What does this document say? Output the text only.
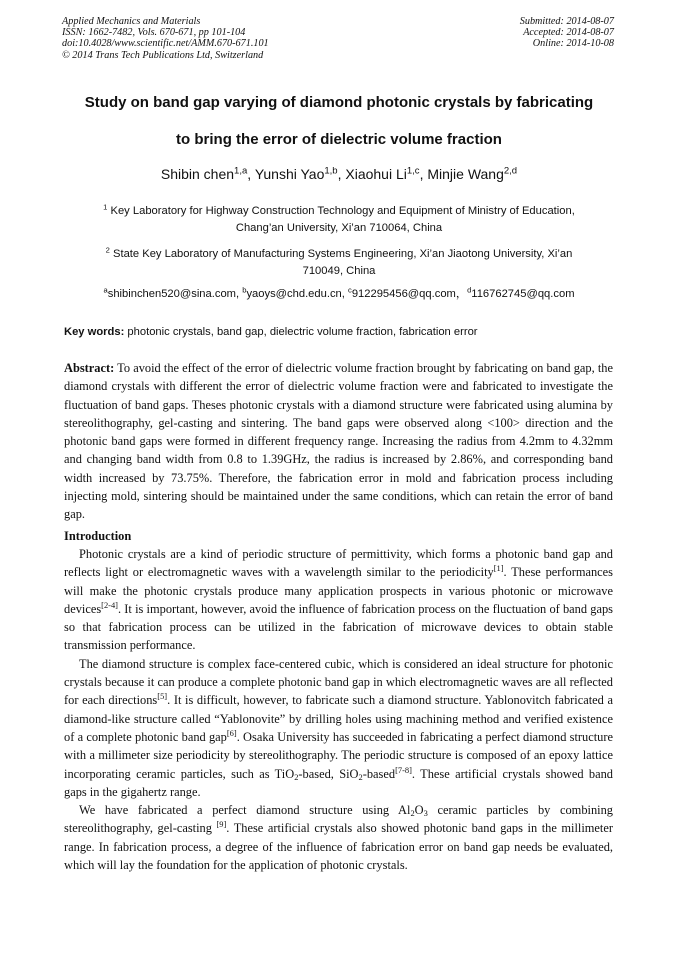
Applied Mechanics and Materials
ISSN: 1662-7482, Vols. 670-671, pp 101-104
doi:10.4028/www.scientific.net/AMM.670-671.101
© 2014 Trans Tech Publications Ltd, Switzerland
Submitted: 2014-08-07
Accepted: 2014-08-07
Online: 2014-10-08
Study on band gap varying of diamond photonic crystals by fabricating
to bring the error of dielectric volume fraction
Shibin chen$^{1,a}$, Yunshi Yao$^{1,b}$, Xiaohui Li$^{1,c}$, Minjie Wang$^{2,d}$
$^1$ Key Laboratory for Highway Construction Technology and Equipment of Ministry of Education,
Chang’an University, Xi’an 710064, China
$^2$ State Key Laboratory of Manufacturing Systems Engineering, Xi’an Jiaotong University, Xi’an
710049, China
$^a$shibinchen520@sina.com, $^b$yaoys@chd.edu.cn, $^c$912295456@qq.com，$^d$116762745@qq.com
Key words: photonic crystals, band gap, dielectric volume fraction, fabrication error
Abstract: To avoid the effect of the error of dielectric volume fraction brought by fabricating on band gap, the diamond crystals with different the error of dielectric volume fraction were and fabricated to investigate the fluctuation of band gaps. Theses photonic crystals with a diamond structure were fabricated using alumina by stereolithography, gel-casting and sintering. The band gaps were observed along <100> direction and the photonic band gaps were formed in different frequency range. Increasing the radius from 4.2mm to 4.32mm and changing band width from 0.8 to 1.39GHz, the radius is increased by 2.86%, and corresponding band width increased by 73.75%. Therefore, the fabrication error in mold and fabrication process including injecting mold, sintering should be maintained under the same conditions, which can retain the error of band gap.
Introduction

Photonic crystals are a kind of periodic structure of permittivity, which forms a photonic band gap and reflects light or electromagnetic waves with a wavelength similar to the periodicity[1]. These performances will make the photonic crystals produce many application prospects in various photonic or microwave devices[2-4]. It is important, however, avoid the influence of fabrication process on the fluctuation of band gaps so that fabrication process can be utilized in the fabrication of microwave devices to obtain stable transmission performance.

The diamond structure is complex face-centered cubic, which is considered an ideal structure for photonic crystals because it can produce a complete photonic band gap in which electromagnetic waves are all reflected for each directions[5]. It is difficult, however, to fabricate such a diamond structure. Yablonovitch fabricated a diamond-like structure called “Yablonovite” by drilling holes using machining method and verified existence of a complete photonic band gap[6]. Osaka University has succeeded in fabricating a perfect diamond structure with a millimeter size periodicity by stereolithography. The periodic structure is composed of an epoxy lattice incorporating ceramic particles, such as TiO$_2$-based, SiO$_2$-based[7-8]. These artificial crystals showed band gaps in the gigahertz range.

We have fabricated a perfect diamond structure using $Al_2O_3$ ceramic particles by combining stereolithography, gel-casting [9]. These artificial crystals also showed photonic band gaps in the millimeter range. In fabrication process, a degree of the influence of fabrication error on band gap needs be evaluated, which will lay the foundation for the application of photonic crystals.
